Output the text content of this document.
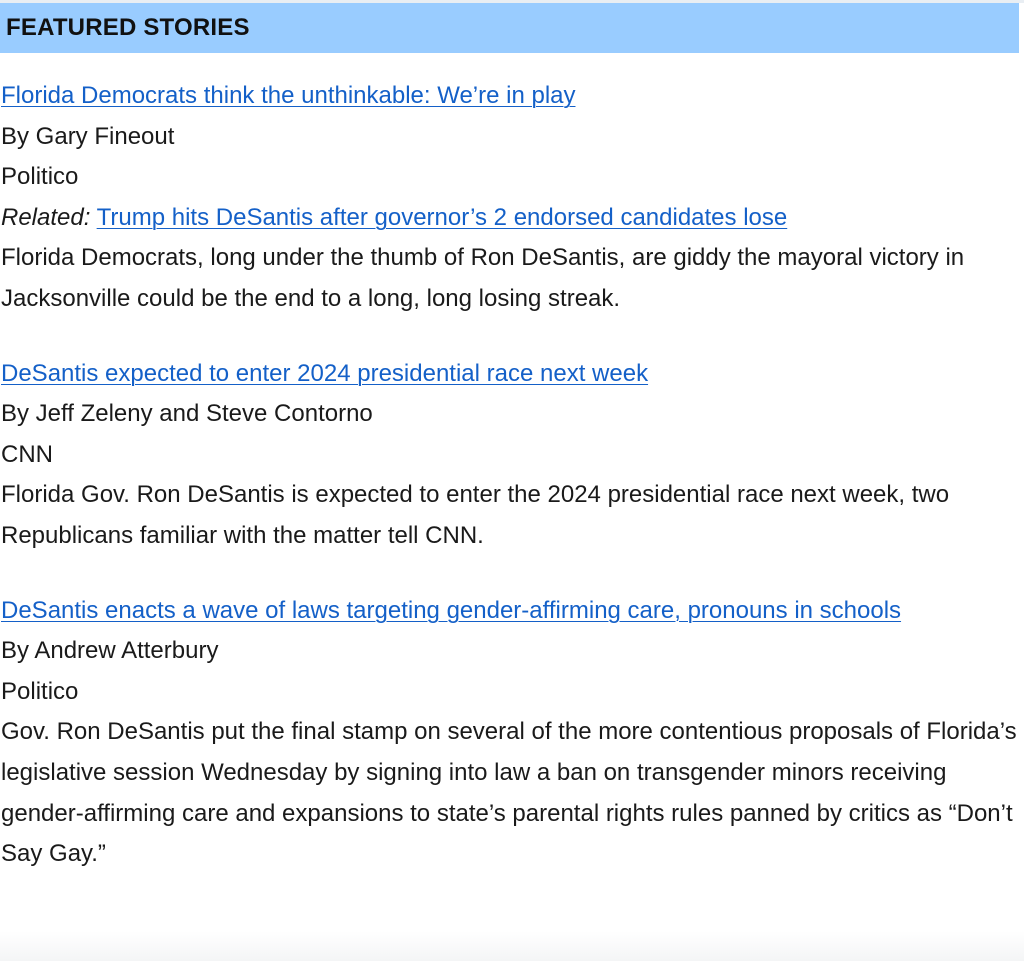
FEATURED STORIES
Florida Democrats think the unthinkable: We’re in play
By Gary Fineout
Politico
Related: Trump hits DeSantis after governor’s 2 endorsed candidates lose
Florida Democrats, long under the thumb of Ron DeSantis, are giddy the mayoral victory in Jacksonville could be the end to a long, long losing streak.
DeSantis expected to enter 2024 presidential race next week
By Jeff Zeleny and Steve Contorno
CNN
Florida Gov. Ron DeSantis is expected to enter the 2024 presidential race next week, two Republicans familiar with the matter tell CNN.
DeSantis enacts a wave of laws targeting gender-affirming care, pronouns in schools
By Andrew Atterbury
Politico
Gov. Ron DeSantis put the final stamp on several of the more contentious proposals of Florida’s legislative session Wednesday by signing into law a ban on transgender minors receiving gender-affirming care and expansions to state’s parental rights rules panned by critics as “Don’t Say Gay.”
